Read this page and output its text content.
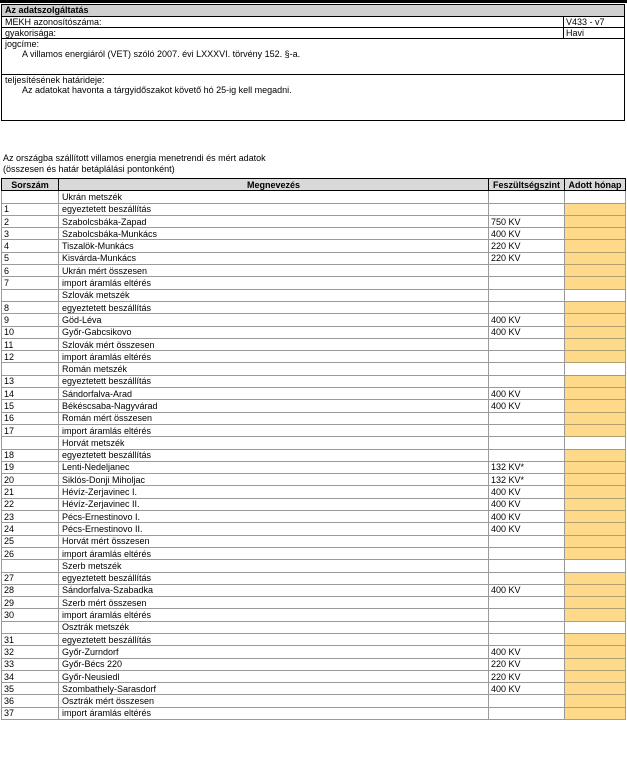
Az adatszolgáltatás
MEKH azonosítószáma:	V433 - v7
gyakorisága:	Havi
jogcíme:
A villamos energiáról (VET) szóló 2007. évi LXXXVI. törvény 152. §-a.
teljesítésének határideje:
Az adatokat havonta a tárgyidőszakot követő hó 25-ig kell megadni.
Az országba szállított villamos energia menetrendi és mért adatok
(összesen és határ betáplálási pontonként)
Sorszám	Megnevezés	Feszültségszint	Adott hónap
	Ukrán metszék		
1	egyeztetett beszállítás		
2	Szabolcsbáka-Zapad	750 KV	
3	Szabolcsbáka-Munkács	400 KV	
4	Tiszalök-Munkács	220 KV	
5	Kisvárda-Munkács	220 KV	
6	Ukrán mért összesen		
7	import áramlás eltérés		
	Szlovák metszék		
8	egyeztetett beszállítás		
9	Göd-Léva	400 KV	
10	Győr-Gabcsikovo	400 KV	
11	Szlovák mért összesen		
12	import áramlás eltérés		
	Román metszék		
13	egyeztetett beszállítás		
14	Sándorfalva-Arad	400 KV	
15	Békéscsaba-Nagyvárad	400 KV	
16	Román mért összesen		
17	import áramlás eltérés		
	Horvát metszék		
18	egyeztetett beszállítás		
19	Lenti-Nedeljanec	132 KV*	
20	Siklós-Donji Miholjac	132 KV*	
21	Hévíz-Zerjavinec I.	400 KV	
22	Hévíz-Zerjavinec II.	400 KV	
23	Pécs-Ernestinovo I.	400 KV	
24	Pécs-Ernestinovo II.	400 KV	
25	Horvát mért összesen		
26	import áramlás eltérés		
	Szerb metszék		
27	egyeztetett beszállítás		
28	Sándorfalva-Szabadka	400 KV	
29	Szerb mért összesen		
30	import áramlás eltérés		
	Osztrák metszék		
31	egyeztetett beszállítás		
32	Győr-Zurndorf	400 KV	
33	Győr-Bécs 220	220 KV	
34	Győr-Neusiedl	220 KV	
35	Szombathely-Sarasdorf	400 KV	
36	Osztrák mért összesen		
37	import áramlás eltérés		
